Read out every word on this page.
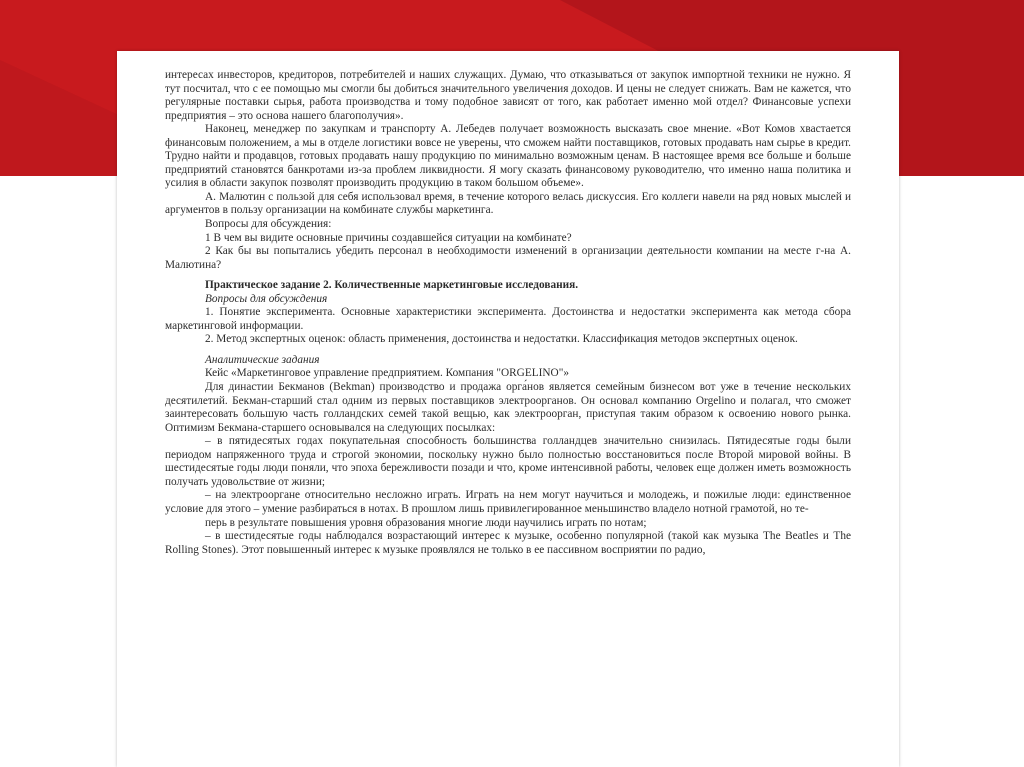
интересах инвесторов, кредиторов, потребителей и наших служащих. Думаю, что отказываться от закупок импортной техники не нужно. Я тут посчитал, что с ее помощью мы смогли бы добиться значительного увеличения доходов. И цены не следует снижать. Вам не кажется, что регулярные поставки сырья, работа производства и тому подобное зависят от того, как работает именно мой отдел? Финансовые успехи предприятия – это основа нашего благополучия».

Наконец, менеджер по закупкам и транспорту А. Лебедев получает возможность высказать свое мнение. «Вот Комов хвастается финансовым положением, а мы в отделе логистики вовсе не уверены, что сможем найти поставщиков, готовых продавать нам сырье в кредит. Трудно найти и продавцов, готовых продавать нашу продукцию по минимально возможным ценам. В настоящее время все больше и больше предприятий становятся банкротами из-за проблем ликвидности. Я могу сказать финансовому руководителю, что именно наша политика и усилия в области закупок позволят производить продукцию в таком большом объеме».

А. Малютин с пользой для себя использовал время, в течение которого велась дискуссия. Его коллеги навели на ряд новых мыслей и аргументов в пользу организации на комбинате службы маркетинга.

Вопросы для обсуждения:

1 В чем вы видите основные причины создавшейся ситуации на комбинате?

2 Как бы вы попытались убедить персонал в необходимости изменений в организации деятельности компании на месте г-на А. Малютина?

Практическое задание 2. Количественные маркетинговые исследования.

Вопросы для обсуждения

1. Понятие эксперимента. Основные характеристики эксперимента. Достоинства и недостатки эксперимента как метода сбора маркетинговой информации.

2. Метод экспертных оценок: область применения, достоинства и недостатки. Классификация методов экспертных оценок.

Аналитические задания

Кейс «Маркетинговое управление предприятием. Компания "ORGELINO"»

Для династии Бекманов (Bekman) производство и продажа орга́нов является семейным бизнесом вот уже в течение нескольких десятилетий. Бекман-старший стал одним из первых поставщиков электроорганов. Он основал компанию Orgelino и полагал, что сможет заинтересовать большую часть голландских семей такой вещью, как электроорган, приступая таким образом к освоению нового рынка. Оптимизм Бекмана-старшего основывался на следующих посылках:

– в пятидесятых годах покупательная способность большинства голландцев значительно снизилась. Пятидесятые годы были периодом напряженного труда и строгой экономии, поскольку нужно было полностью восстановиться после Второй мировой войны. В шестидесятые годы люди поняли, что эпоха бережливости позади и что, кроме интенсивной работы, человек еще должен иметь возможность получать удовольствие от жизни;

– на электрооргане относительно несложно играть. Играть на нем могут научиться и молодежь, и пожилые люди: единственное условие для этого – умение разбираться в нотах. В прошлом лишь привилегированное меньшинство владело нотной грамотой, но те-

перь в результате повышения уровня образования многие люди научились играть по нотам;

– в шестидесятые годы наблюдался возрастающий интерес к музыке, особенно популярной (такой как музыка The Beatles и The Rolling Stones). Этот повышенный интерес к музыке проявлялся не только в ее пассивном восприятии по радио,
